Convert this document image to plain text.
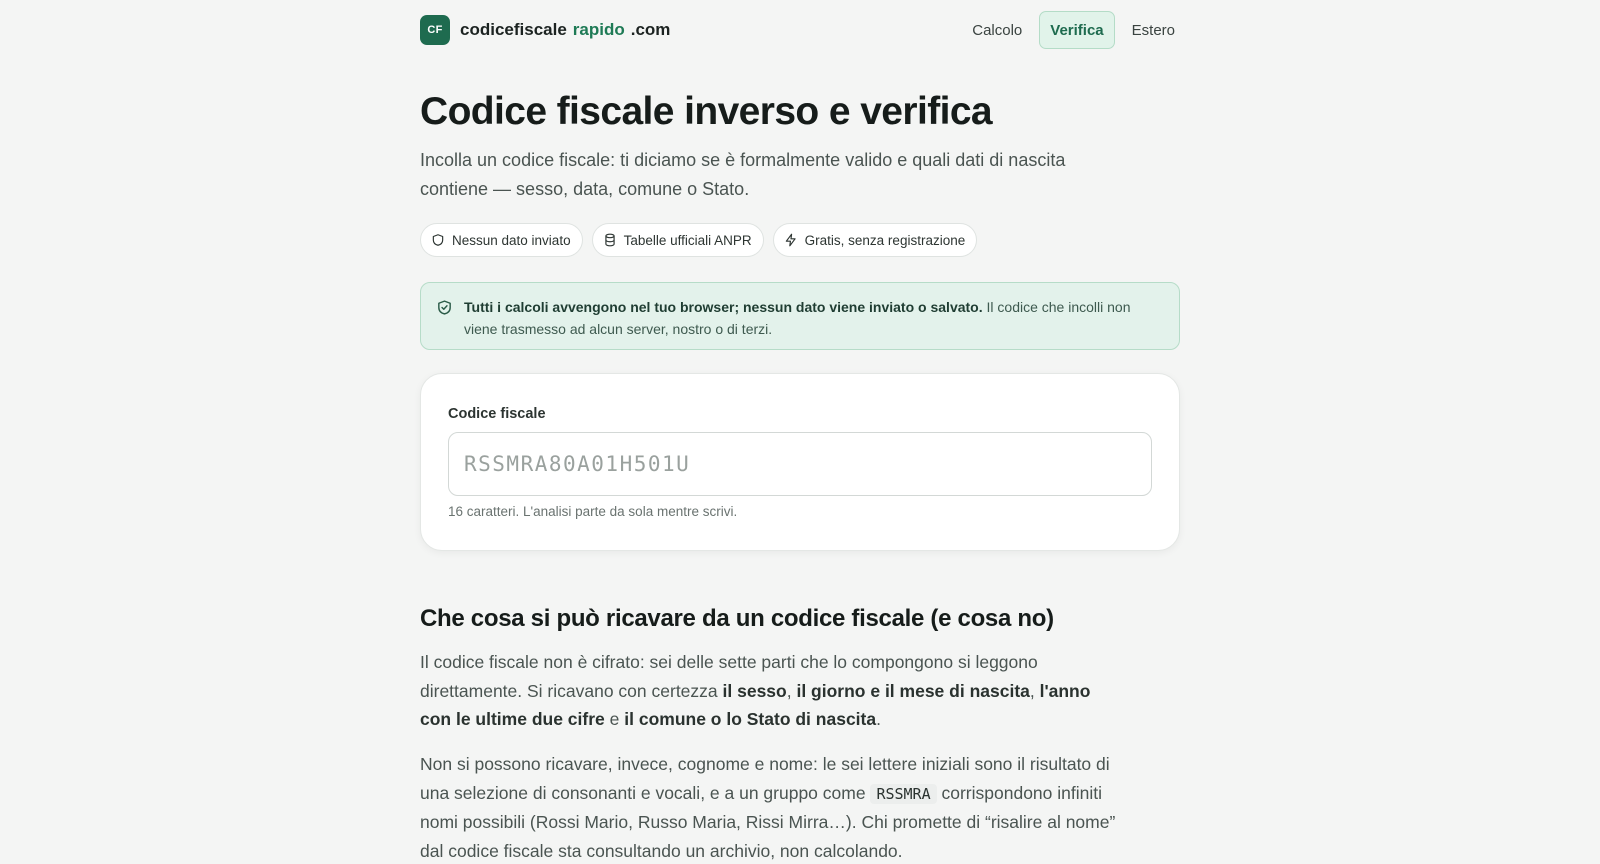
CF	codicefiscale rapido .com	Calcolo	Verifica	Estero
Codice fiscale inverso e verifica

Incolla un codice fiscale: ti diciamo se è formalmente valido e quali dati di nascita contiene — sesso, data, comune o Stato.

Nessun dato inviato	Tabelle ufficiali ANPR	Gratis, senza registrazione

Tutti i calcoli avvengono nel tuo browser; nessun dato viene inviato o salvato. Il codice che incolli non viene trasmesso ad alcun server, nostro o di terzi.

Codice fiscale
RSSMRA80A01H501U
16 caratteri. L'analisi parte da sola mentre scrivi.
Che cosa si può ricavare da un codice fiscale (e cosa no)

Il codice fiscale non è cifrato: sei delle sette parti che lo compongono si leggono direttamente. Si ricavano con certezza il sesso, il giorno e il mese di nascita, l'anno con le ultime due cifre e il comune o lo Stato di nascita.

Non si possono ricavare, invece, cognome e nome: le sei lettere iniziali sono il risultato di una selezione di consonanti e vocali, e a un gruppo come RSSMRA corrispondono infiniti nomi possibili (Rossi Mario, Russo Maria, Rissi Mirra…). Chi promette di “risalire al nome” dal codice fiscale sta consultando un archivio, non calcolando.
